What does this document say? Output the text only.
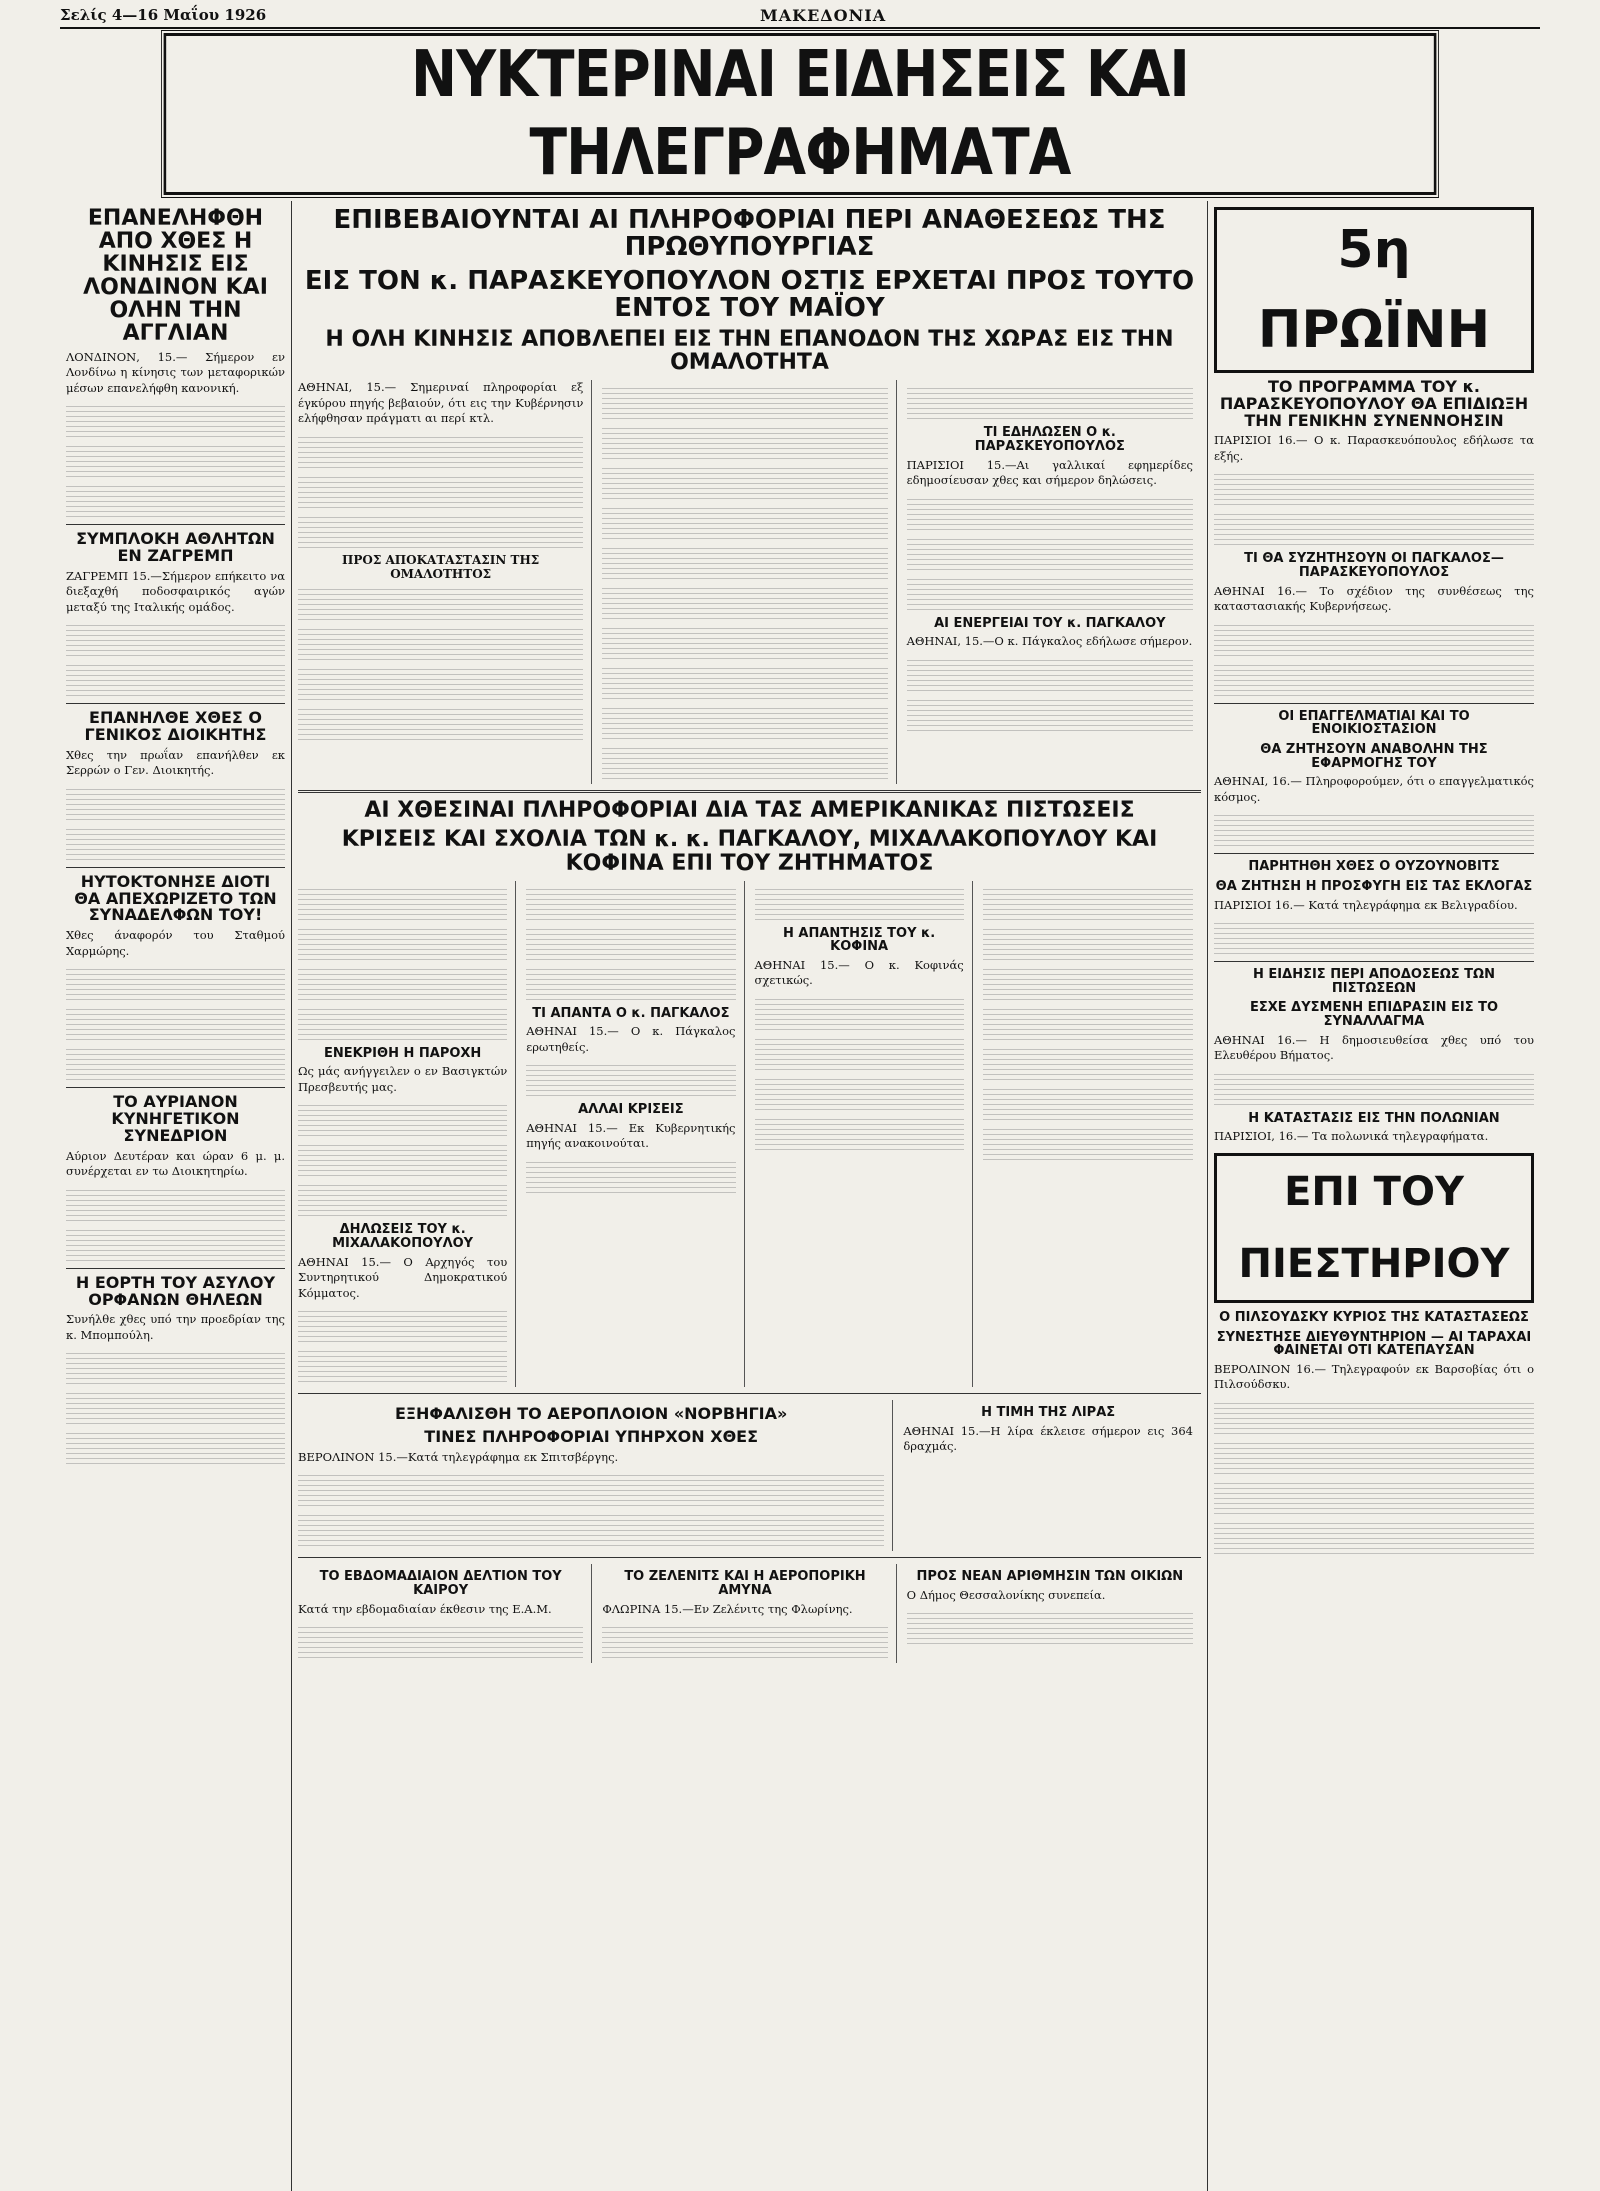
Σελίς 4—16 Μαΐου 1926	ΜΑΚΕΔΟΝΙΑ
ΝΥΚΤΕΡΙΝΑΙ ΕΙΔΗΣΕΙΣ ΚΑΙ ΤΗΛΕΓΡΑΦΗΜΑΤΑ
ΕΠΑΝΕΛΗΦΘΗ ΑΠΟ ΧΘΕΣ Η ΚΙΝΗΣΙΣ ΕΙΣ ΛΟΝΔΙΝΟΝ ΚΑΙ ΟΛΗΝ ΤΗΝ ΑΓΓΛΙΑΝ

ΛΟΝΔΙΝΟΝ, 15.— Σήμερον εν Λονδίνω η κίνησις των μεταφορικών μέσων επανελήφθη κανονική.

ΣΥΜΠΛΟΚΗ ΑΘΛΗΤΩΝ ΕΝ ΖΑΓΡΕΜΠ

ΖΑΓΡΕΜΠ 15.—Σήμερον επήκειτο να διεξαχθή ποδοσφαιρικός αγών μεταξύ της Ιταλικής ομάδος.

ΕΠΑΝΗΛΘΕ ΧΘΕΣ Ο ΓΕΝΙΚΟΣ ΔΙΟΙΚΗΤΗΣ

Χθες την πρωΐαν επανήλθεν εκ Σερρών ο Γεν. Διοικητής.

ΗΥΤΟΚΤΟΝΗΣΕ ΔΙΟΤΙ ΘΑ ΑΠΕΧΩΡΙΖΕΤΟ ΤΩΝ ΣΥΝΑΔΕΛΦΩΝ ΤΟΥ!

Χθες άναφορόν του Σταθμού Χαρμώρης.

ΤΟ ΑΥΡΙΑΝΟΝ ΚΥΝΗΓΕΤΙΚΟΝ ΣΥΝΕΔΡΙΟΝ

Αύριον Δευτέραν και ώραν 6 μ. μ. συνέρχεται εν τω Διοικητηρίω.

Η ΕΟΡΤΗ ΤΟΥ ΑΣΥΛΟΥ ΟΡΦΑΝΩΝ ΘΗΛΕΩΝ

Συνήλθε χθες υπό την προεδρίαν της κ. Μπομπούλη.

ΕΠΙΒΕΒΑΙΟΥΝΤΑΙ ΑΙ ΠΛΗΡΟΦΟΡΙΑΙ ΠΕΡΙ ΑΝΑΘΕΣΕΩΣ ΤΗΣ ΠΡΩΘΥΠΟΥΡΓΙΑΣ
ΕΙΣ ΤΟΝ κ. ΠΑΡΑΣΚΕΥΟΠΟΥΛΟΝ ΟΣΤΙΣ ΕΡΧΕΤΑΙ ΠΡΟΣ ΤΟΥΤΟ ΕΝΤΟΣ ΤΟΥ ΜΑΪΟΥ
Η ΟΛΗ ΚΙΝΗΣΙΣ ΑΠΟΒΛΕΠΕΙ ΕΙΣ ΤΗΝ ΕΠΑΝΟΔΟΝ ΤΗΣ ΧΩΡΑΣ ΕΙΣ ΤΗΝ ΟΜΑΛΟΤΗΤΑ

ΑΘΗΝΑΙ, 15.— Σημεριναί πληροφορίαι εξ έγκύρου πηγής βεβαιούν, ότι εις την Κυβέρνησιν ελήφθησαν πράγματι αι περί κτλ.

ΠΡΟΣ ΑΠΟΚΑΤΑΣΤΑΣΙΝ ΤΗΣ ΟΜΑΛΟΤΗΤΟΣ
ΤΙ ΕΔΗΛΩΣΕΝ Ο κ. ΠΑΡΑΣΚΕΥΟΠΟΥΛΟΣ

ΠΑΡΙΣΙΟΙ 15.—Αι γαλλικαί εφημερίδες εδημοσίευσαν χθες και σήμερον δηλώσεις.

ΑΙ ΕΝΕΡΓΕΙΑΙ ΤΟΥ κ. ΠΑΓΚΑΛΟΥ

ΑΘΗΝΑΙ, 15.—Ο κ. Πάγκαλος εδήλωσε σήμερον.

ΑΙ ΧΘΕΣΙΝΑΙ ΠΛΗΡΟΦΟΡΙΑΙ ΔΙΑ ΤΑΣ ΑΜΕΡΙΚΑΝΙΚΑΣ ΠΙΣΤΩΣΕΙΣ
ΚΡΙΣΕΙΣ ΚΑΙ ΣΧΟΛΙΑ ΤΩΝ κ. κ. ΠΑΓΚΑΛΟΥ, ΜΙΧΑΛΑΚΟΠΟΥΛΟΥ ΚΑΙ ΚΟΦΙΝΑ ΕΠΙ ΤΟΥ ΖΗΤΗΜΑΤΟΣ
ΕΝΕΚΡΙΘΗ Η ΠΑΡΟΧΗ

Ως μάς ανήγγειλεν ο εν Βασιγκτών Πρεσβευτής μας.

ΔΗΛΩΣΕΙΣ ΤΟΥ κ. ΜΙΧΑΛΑΚΟΠΟΥΛΟΥ

ΑΘΗΝΑΙ 15.— Ο Αρχηγός του Συντηρητικού Δημοκρατικού Κόμματος.

ΤΙ ΑΠΑΝΤΑ Ο κ. ΠΑΓΚΑΛΟΣ

ΑΘΗΝΑΙ 15.— Ο κ. Πάγκαλος ερωτηθείς.

ΑΛΛΑΙ ΚΡΙΣΕΙΣ

ΑΘΗΝΑΙ 15.— Εκ Κυβερνητικής πηγής ανακοινούται.

Η ΑΠΑΝΤΗΣΙΣ ΤΟΥ κ. ΚΟΦΙΝΑ

ΑΘΗΝΑΙ 15.— Ο κ. Κοφινάς σχετικώς.

ΕΞΗΦΑΛΙΣΘΗ ΤΟ ΑΕΡΟΠΛΟΙΟΝ «ΝΟΡΒΗΓΙΑ»
ΤΙΝΕΣ ΠΛΗΡΟΦΟΡΙΑΙ ΥΠΗΡΧΟΝ ΧΘΕΣ

ΒΕΡΟΛΙΝΟΝ 15.—Κατά τηλεγράφημα εκ Σπιτσβέργης.

Η ΤΙΜΗ ΤΗΣ ΛΙΡΑΣ

ΑΘΗΝΑΙ 15.—Η λίρα έκλεισε σήμερον εις 364 δραχμάς.

ΤΟ ΕΒΔΟΜΑΔΙΑΙΟΝ ΔΕΛΤΙΟΝ ΤΟΥ ΚΑΙΡΟΥ

Κατά την εβδομαδιαίαν έκθεσιν της Ε.Α.Μ.

ΤΟ ΖΕΛΕΝΙΤΣ ΚΑΙ Η ΑΕΡΟΠΟΡΙΚΗ ΑΜΥΝΑ

ΦΛΩΡΙΝΑ 15.—Εν Ζελένιτς της Φλωρίνης.

ΠΡΟΣ ΝΕΑΝ ΑΡΙΘΜΗΣΙΝ ΤΩΝ ΟΙΚΙΩΝ

Ο Δήμος Θεσσαλονίκης συνεπεία.

5η ΠΡΩΪΝΗ
ΤΟ ΠΡΟΓΡΑΜΜΑ ΤΟΥ κ. ΠΑΡΑΣΚΕΥΟΠΟΥΛΟΥ ΘΑ ΕΠΙΔΙΩΞΗ ΤΗΝ ΓΕΝΙΚΗΝ ΣΥΝΕΝΝΟΗΣΙΝ

ΠΑΡΙΣΙΟΙ 16.— Ο κ. Παρασκευόπουλος εδήλωσε τα εξής.

ΤΙ ΘΑ ΣΥΖΗΤΗΣΟΥΝ ΟΙ ΠΑΓΚΑΛΟΣ—ΠΑΡΑΣΚΕΥΟΠΟΥΛΟΣ

ΑΘΗΝΑΙ 16.— Το σχέδιον της συνθέσεως της καταστασιακής Κυβερνήσεως.

ΟΙ ΕΠΑΓΓΕΛΜΑΤΙΑΙ ΚΑΙ ΤΟ ΕΝΟΙΚΙΟΣΤΑΣΙΟΝ
ΘΑ ΖΗΤΗΣΟΥΝ ΑΝΑΒΟΛΗΝ ΤΗΣ ΕΦΑΡΜΟΓΗΣ ΤΟΥ

ΑΘΗΝΑΙ, 16.— Πληροφορούμεν, ότι ο επαγγελματικός κόσμος.

ΠΑΡΗΤΗΘΗ ΧΘΕΣ Ο ΟΥΖΟΥΝΟΒΙΤΣ
ΘΑ ΖΗΤΗΣΗ Η ΠΡΟΣΦΥΓΗ ΕΙΣ ΤΑΣ ΕΚΛΟΓΑΣ

ΠΑΡΙΣΙΟΙ 16.— Κατά τηλεγράφημα εκ Βελιγραδίου.

Η ΕΙΔΗΣΙΣ ΠΕΡΙ ΑΠΟΔΟΣΕΩΣ ΤΩΝ ΠΙΣΤΩΣΕΩΝ
ΕΣΧΕ ΔΥΣΜΕΝΗ ΕΠΙΔΡΑΣΙΝ ΕΙΣ ΤΟ ΣΥΝΑΛΛΑΓΜΑ

ΑΘΗΝΑΙ 16.— Η δημοσιευθείσα χθες υπό του Ελευθέρου Βήματος.

Η ΚΑΤΑΣΤΑΣΙΣ ΕΙΣ ΤΗΝ ΠΟΛΩΝΙΑΝ

ΠΑΡΙΣΙΟΙ, 16.— Τα πολωνικά τηλεγραφήματα.

ΕΠΙ ΤΟΥ ΠΙΕΣΤΗΡΙΟΥ
Ο ΠΙΛΣΟΥΔΣΚΥ ΚΥΡΙΟΣ ΤΗΣ ΚΑΤΑΣΤΑΣΕΩΣ
ΣΥΝΕΣΤΗΣΕ ΔΙΕΥΘΥΝΤΗΡΙΟΝ — ΑΙ ΤΑΡΑΧΑΙ ΦΑΙΝΕΤΑΙ ΟΤΙ ΚΑΤΕΠΑΥΣΑΝ

ΒΕΡΟΛΙΝΟΝ 16.— Τηλεγραφούν εκ Βαρσοβίας ότι ο Πιλσούδσκυ.
